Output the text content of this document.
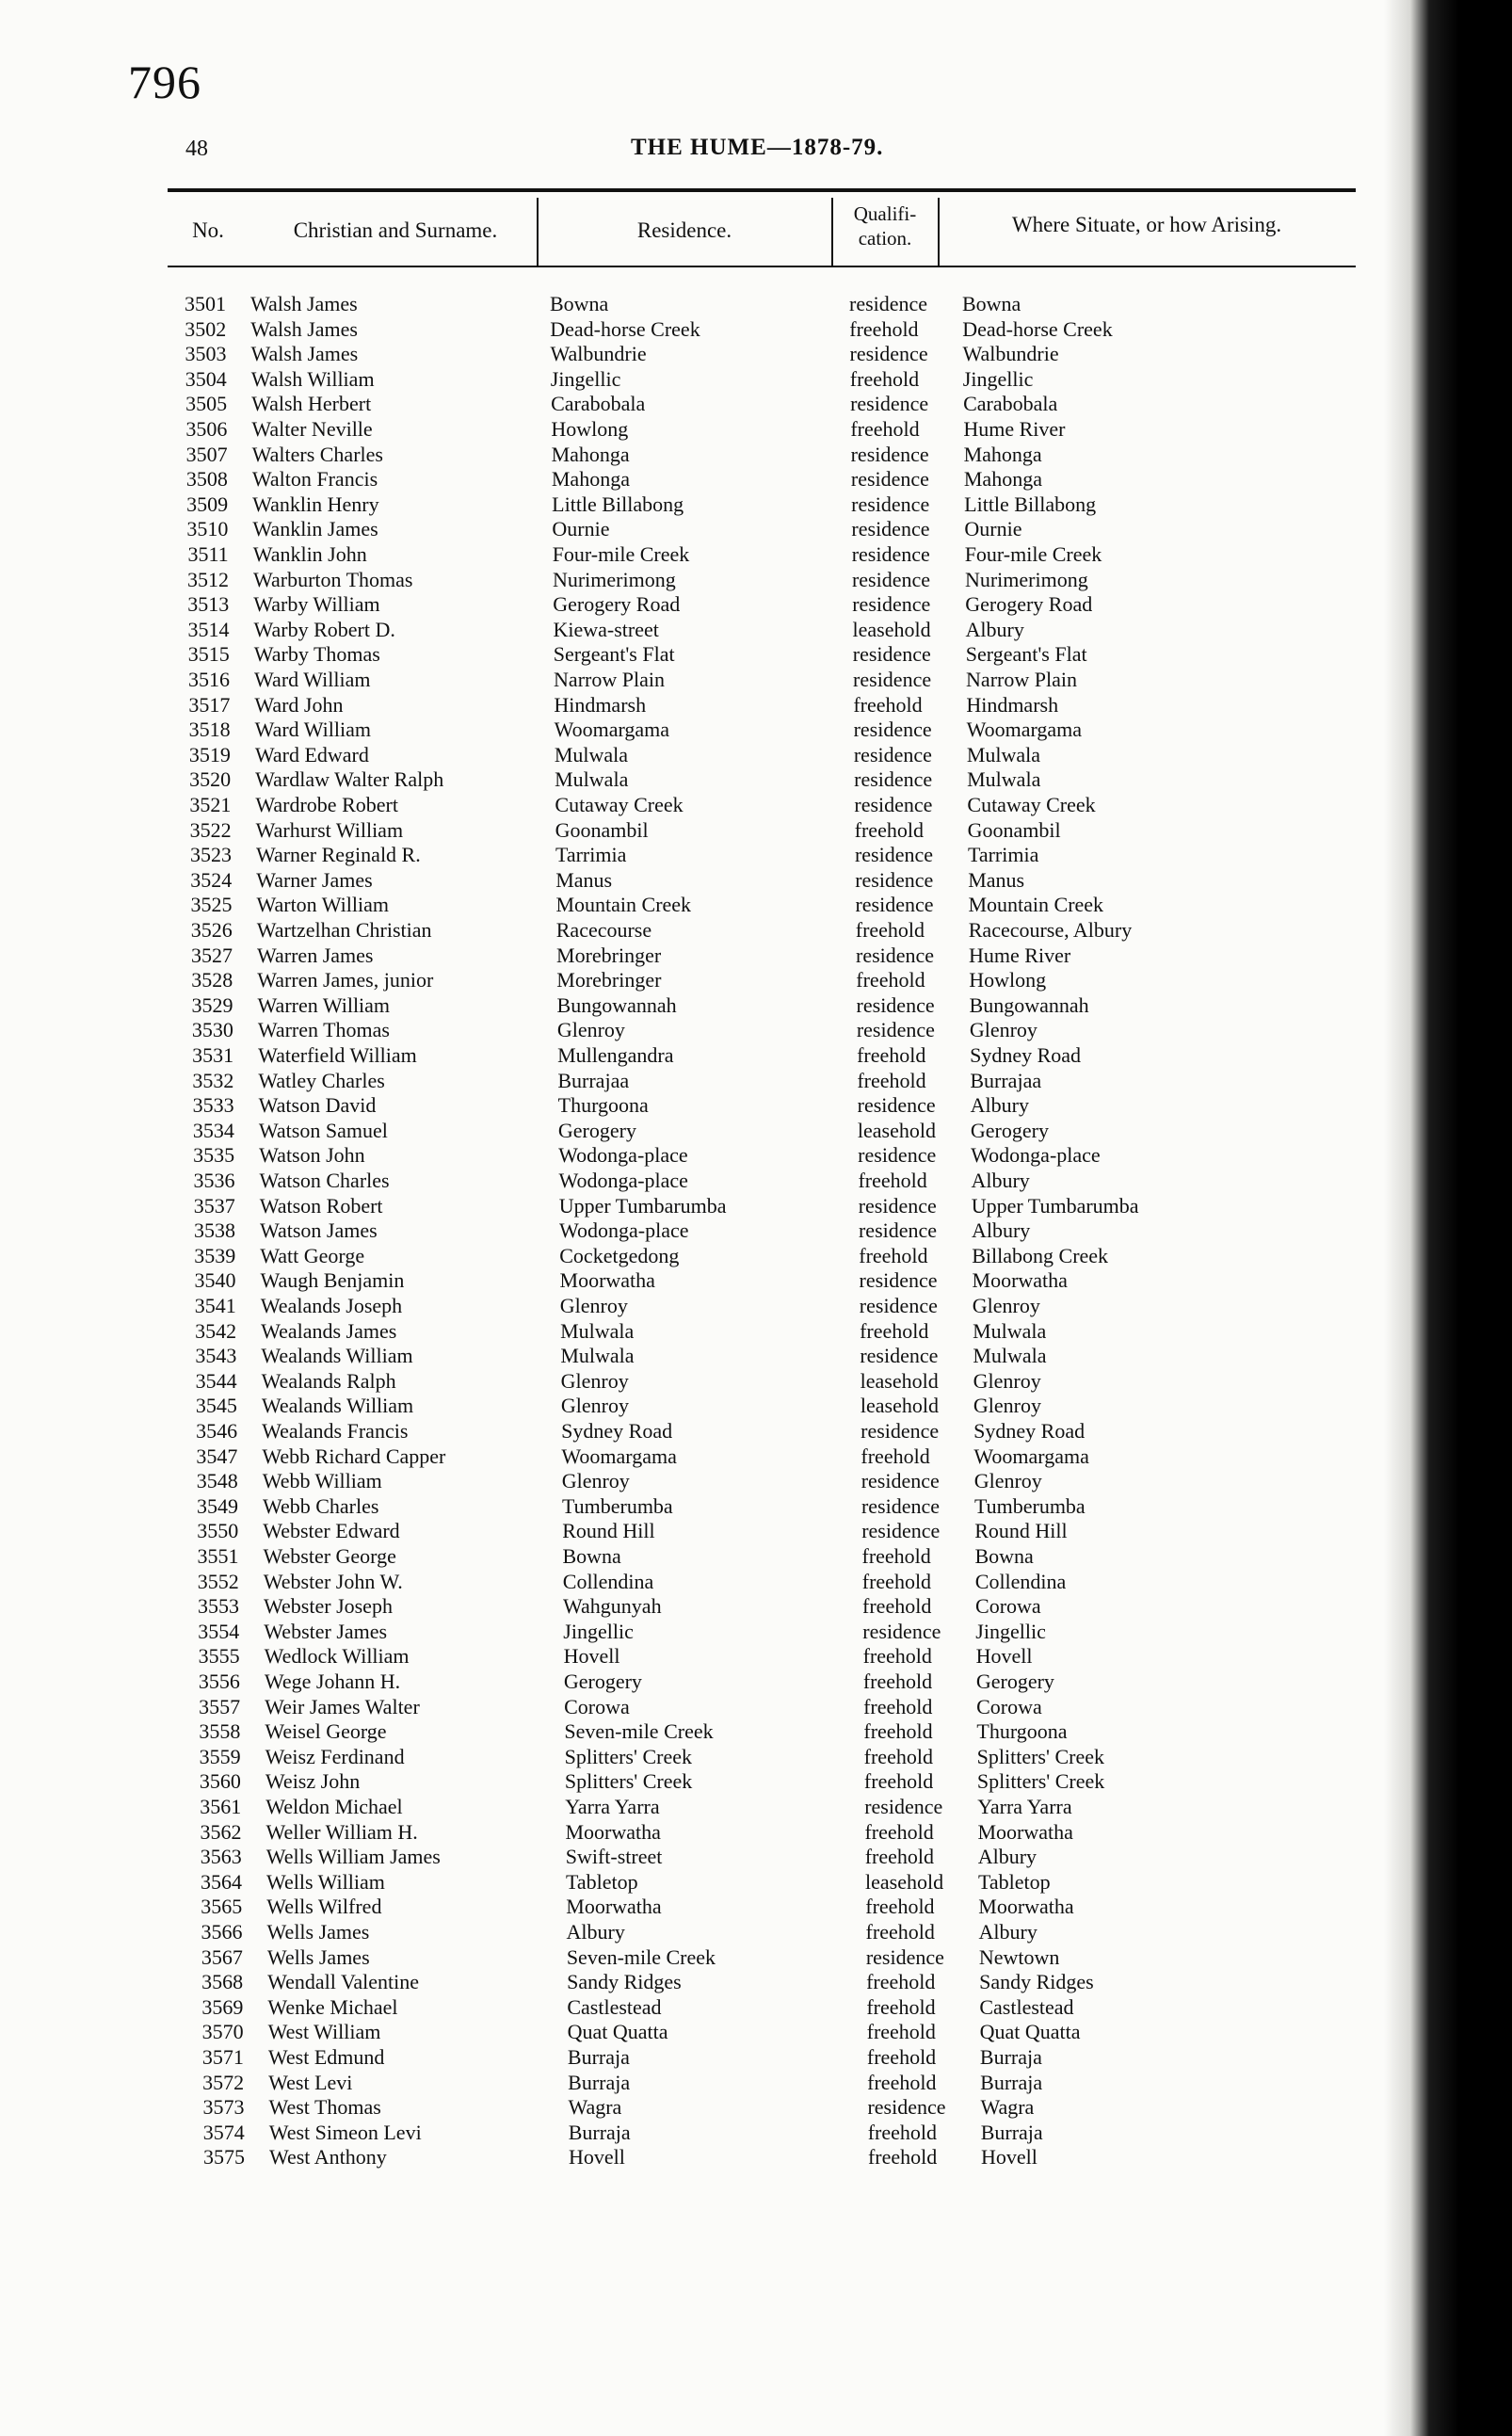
796
48	THE HUME—1878-79.
No.	Christian and Surname.	Residence.
Qualifi-
cation.
Where Situate, or how Arising.
3501 Walsh James	Bowna	residence Bowna
3502 Walsh James	Dead-horse Creek	freehold Dead-horse Creek
3503 Walsh James	Walbundrie	residence Walbundrie
3504 Walsh William	Jingellic	freehold Jingellic
3505 Walsh Herbert	Carabobala	residence Carabobala
3506 Walter Neville	Howlong	freehold Hume River
3507 Walters Charles	Mahonga	residence Mahonga
3508 Walton Francis	Mahonga	residence Mahonga
3509 Wanklin Henry	Little Billabong	residence Little Billabong
3510 Wanklin James	Ournie	residence Ournie
3511 Wanklin John	Four-mile Creek	residence Four-mile Creek
3512 Warburton Thomas	Nurimerimong	residence Nurimerimong
3513 Warby William	Gerogery Road	residence Gerogery Road
3514 Warby Robert D.	Kiewa-street	leasehold Albury
3515 Warby Thomas	Sergeant's Flat	residence Sergeant's Flat
3516 Ward William	Narrow Plain	residence Narrow Plain
3517 Ward John	Hindmarsh	freehold Hindmarsh
3518 Ward William	Woomargama	residence Woomargama
3519 Ward Edward	Mulwala	residence Mulwala
3520 Wardlaw Walter Ralph	Mulwala	residence Mulwala
3521 Wardrobe Robert	Cutaway Creek	residence Cutaway Creek
3522 Warhurst William	Goonambil	freehold Goonambil
3523 Warner Reginald R.	Tarrimia	residence Tarrimia
3524 Warner James	Manus	residence Manus
3525 Warton William	Mountain Creek	residence Mountain Creek
3526 Wartzelhan Christian	Racecourse	freehold Racecourse, Albury
3527 Warren James	Morebringer	residence Hume River
3528 Warren James, junior	Morebringer	freehold Howlong
3529 Warren William	Bungowannah	residence Bungowannah
3530 Warren Thomas	Glenroy	residence Glenroy
3531 Waterfield William	Mullengandra	freehold Sydney Road
3532 Watley Charles	Burrajaa	freehold Burrajaa
3533 Watson David	Thurgoona	residence Albury
3534 Watson Samuel	Gerogery	leasehold Gerogery
3535 Watson John	Wodonga-place	residence Wodonga-place
3536 Watson Charles	Wodonga-place	freehold Albury
3537 Watson Robert	Upper Tumbarumba	residence Upper Tumbarumba
3538 Watson James	Wodonga-place	residence Albury
3539 Watt George	Cocketgedong	freehold Billabong Creek
3540 Waugh Benjamin	Moorwatha	residence Moorwatha
3541 Wealands Joseph	Glenroy	residence Glenroy
3542 Wealands James	Mulwala	freehold Mulwala
3543 Wealands William	Mulwala	residence Mulwala
3544 Wealands Ralph	Glenroy	leasehold Glenroy
3545 Wealands William	Glenroy	leasehold Glenroy
3546 Wealands Francis	Sydney Road	residence Sydney Road
3547 Webb Richard Capper	Woomargama	freehold Woomargama
3548 Webb William	Glenroy	residence Glenroy
3549 Webb Charles	Tumberumba	residence Tumberumba
3550 Webster Edward	Round Hill	residence Round Hill
3551 Webster George	Bowna	freehold Bowna
3552 Webster John W.	Collendina	freehold Collendina
3553 Webster Joseph	Wahgunyah	freehold Corowa
3554 Webster James	Jingellic	residence Jingellic
3555 Wedlock William	Hovell	freehold Hovell
3556 Wege Johann H.	Gerogery	freehold Gerogery
3557 Weir James Walter	Corowa	freehold Corowa
3558 Weisel George	Seven-mile Creek	freehold Thurgoona
3559 Weisz Ferdinand	Splitters' Creek	freehold Splitters' Creek
3560 Weisz John	Splitters' Creek	freehold Splitters' Creek
3561 Weldon Michael	Yarra Yarra	residence Yarra Yarra
3562 Weller William H.	Moorwatha	freehold Moorwatha
3563 Wells William James	Swift-street	freehold Albury
3564 Wells William	Tabletop	leasehold Tabletop
3565 Wells Wilfred	Moorwatha	freehold Moorwatha
3566 Wells James	Albury	freehold Albury
3567 Wells James	Seven-mile Creek	residence Newtown
3568 Wendall Valentine	Sandy Ridges	freehold Sandy Ridges
3569 Wenke Michael	Castlestead	freehold Castlestead
3570 West William	Quat Quatta	freehold Quat Quatta
3571 West Edmund	Burraja	freehold Burraja
3572 West Levi	Burraja	freehold Burraja
3573 West Thomas	Wagra	residence Wagra
3574 West Simeon Levi	Burraja	freehold Burraja
3575 West Anthony	Hovell	freehold Hovell
